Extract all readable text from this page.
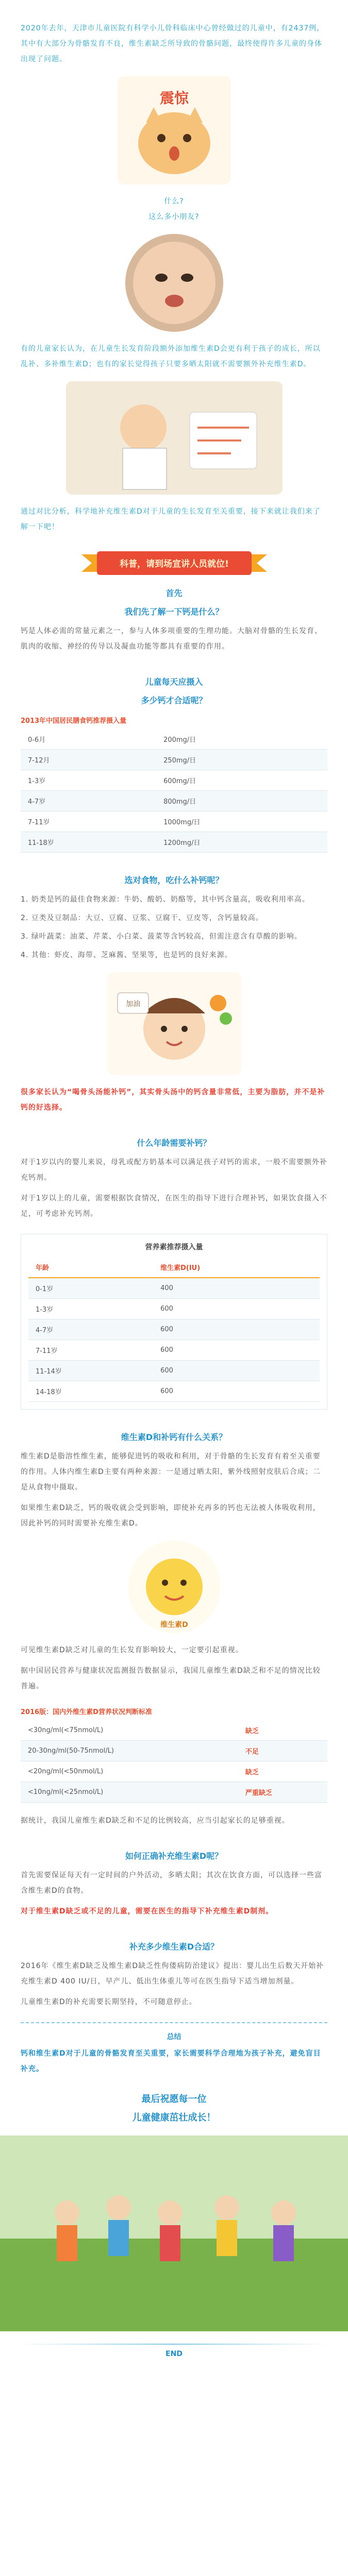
2020年去年，天津市儿童医院有科学小儿骨科临床中心曾经做过的儿童中，有2437例，其中有大部分为骨骼发育不良，维生素缺乏所导致的骨骼问题，最终使得许多儿童的身体出现了问题。

震惊

什么?

这么多小朋友?

有的儿童家长认为，在儿童生长发育阶段额外添加维生素D会更有利于孩子的成长，所以乱补、多补维生素D；也有的家长觉得孩子只要多晒太阳就不需要额外补充维生素D。

通过对比分析，科学地补充维生素D对于儿童的生长发育至关重要，接下来就让我们来了解一下吧！

科普，请到场宣讲人员就位!
首先
我们先了解一下钙是什么？

钙是人体必需的常量元素之一，参与人体多项重要的生理功能。大脑对骨骼的生长发育、肌肉的收缩、神经的传导以及凝血功能等都具有重要的作用。

儿童每天应摄入
多少钙才合适呢？
2013年中国居民膳食钙推荐摄入量
0-6月	200mg/日
7-12月	250mg/日
1-3岁	600mg/日
4-7岁	800mg/日
7-11岁	1000mg/日
11-18岁	1200mg/日
选对食物，吃什么补钙呢？

1. 奶类是钙的最佳食物来源：牛奶、酸奶、奶酪等，其中钙含量高，吸收利用率高。

2. 豆类及豆制品：大豆、豆腐、豆浆、豆腐干、豆皮等，含钙量较高。

3. 绿叶蔬菜：油菜、芹菜、小白菜、菠菜等含钙较高，但需注意含有草酸的影响。

4. 其他：虾皮、海带、芝麻酱、坚果等，也是钙的良好来源。

加油

很多家长认为“喝骨头汤能补钙”，其实骨头汤中的钙含量非常低，主要为脂肪，并不是补钙的好选择。

什么年龄需要补钙？

对于1岁以内的婴儿来说，母乳或配方奶基本可以满足孩子对钙的需求，一般不需要额外补充钙剂。

对于1岁以上的儿童，需要根据饮食情况，在医生的指导下进行合理补钙，如果饮食摄入不足，可考虑补充钙剂。

营养素推荐摄入量
年龄	维生素D(IU)
0-1岁	400
1-3岁	600
4-7岁	600
7-11岁	600
11-14岁	600
14-18岁	600
维生素D和补钙有什么关系？

维生素D是脂溶性维生素，能够促进钙的吸收和利用，对于骨骼的生长发育有着至关重要的作用。人体内维生素D主要有两种来源：一是通过晒太阳，紫外线照射皮肤后合成；二是从食物中摄取。

如果维生素D缺乏，钙的吸收就会受到影响，即使补充再多的钙也无法被人体吸收利用，因此补钙的同时需要补充维生素D。

维生素D

可见维生素D缺乏对儿童的生长发育影响较大，一定要引起重视。

据中国居民营养与健康状况监测报告数据显示，我国儿童维生素D缺乏和不足的情况比较普遍。

2016版：国内外维生素D营养状况判断标准
<30ng/ml(<75nmol/L)	缺乏
20-30ng/ml(50-75nmol/L)	不足
<20ng/ml(<50nmol/L)	缺乏
<10ng/ml(<25nmol/L)	严重缺乏

据统计，我国儿童维生素D缺乏和不足的比例较高，应当引起家长的足够重视。

如何正确补充维生素D呢？

首先需要保证每天有一定时间的户外活动，多晒太阳；其次在饮食方面，可以选择一些富含维生素D的食物。

对于维生素D缺乏或不足的儿童，需要在医生的指导下补充维生素D制剂。

补充多少维生素D合适？

2016年《维生素D缺乏及维生素D缺乏性佝偻病防治建议》提出：婴儿出生后数天开始补充维生素D 400 IU/日，早产儿、低出生体重儿等可在医生指导下适当增加剂量。

儿童维生素D的补充需要长期坚持，不可随意停止。

总结

钙和维生素D对于儿童的骨骼发育至关重要，家长需要科学合理地为孩子补充，避免盲目补充。

最后祝愿每一位
儿童健康茁壮成长！
END
